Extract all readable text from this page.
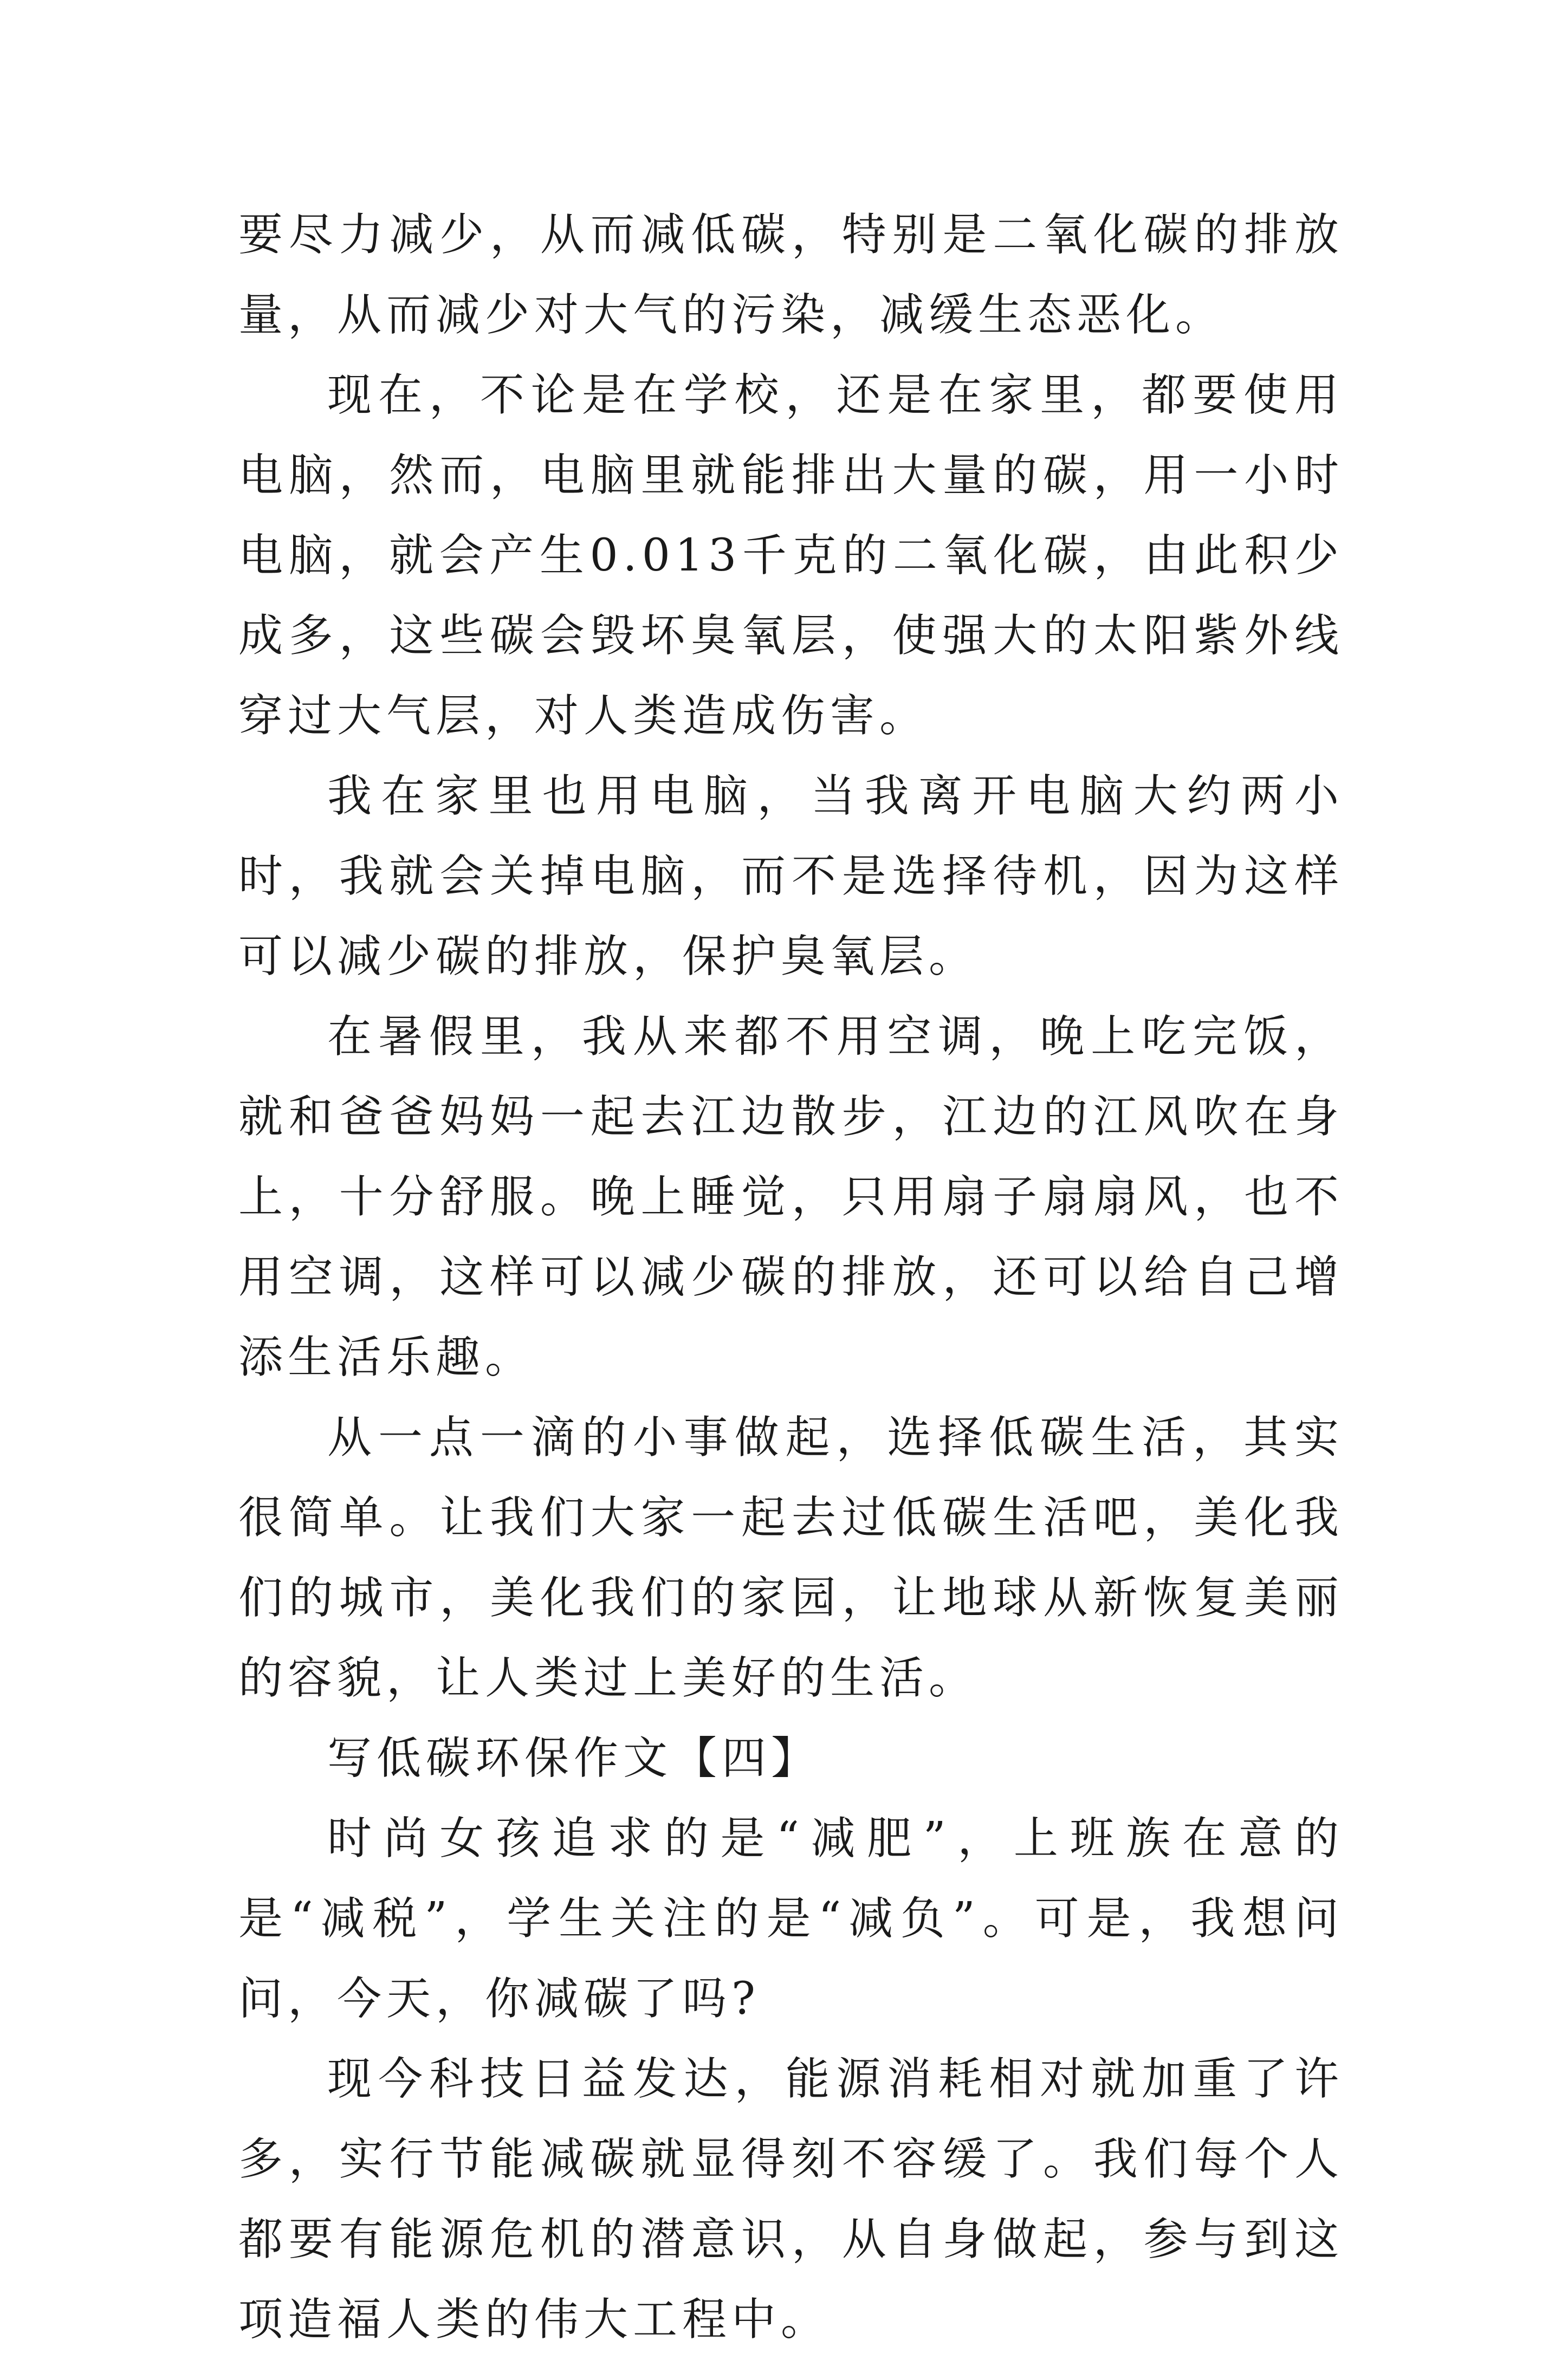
要尽力减少，从而减低碳，特别是二氧化碳的排放量，从而减少对大气的污染，减缓生态恶化。

现在，不论是在学校，还是在家里，都要使用电脑，然而，电脑里就能排出大量的碳，用一小时电脑，就会产生0.013千克的二氧化碳，由此积少成多，这些碳会毁坏臭氧层，使强大的太阳紫外线穿过大气层，对人类造成伤害。

我在家里也用电脑，当我离开电脑大约两小时，我就会关掉电脑，而不是选择待机，因为这样可以减少碳的排放，保护臭氧层。

在暑假里，我从来都不用空调，晚上吃完饭，就和爸爸妈妈一起去江边散步，江边的江风吹在身上，十分舒服。晚上睡觉，只用扇子扇扇风，也不用空调，这样可以减少碳的排放，还可以给自己增添生活乐趣。

从一点一滴的小事做起，选择低碳生活，其实很简单。让我们大家一起去过低碳生活吧，美化我们的城市，美化我们的家园，让地球从新恢复美丽的容貌，让人类过上美好的生活。

写低碳环保作文【四】

时尚女孩追求的是“减肥”，上班族在意的是“减税”，学生关注的是“减负”。可是，我想问问，今天，你减碳了吗?

现今科技日益发达，能源消耗相对就加重了许多，实行节能减碳就显得刻不容缓了。我们每个人都要有能源危机的潜意识，从自身做起，参与到这项造福人类的伟大工程中。
